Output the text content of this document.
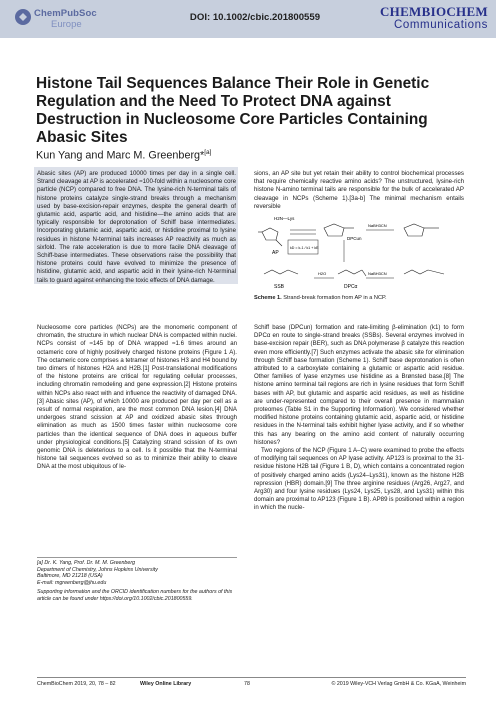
ChemPubSoc
Europe
DOI: 10.1002/cbic.201800559	CHEMBIOCHEM
Communications
Histone Tail Sequences Balance Their Role in Genetic Regulation and the Need To Protect DNA against Destruction in Nucleosome Core Particles Containing Abasic Sites
Kun Yang and Marc M. Greenberg*[a]
Abasic sites (AP) are produced 10000 times per day in a single cell. Strand cleavage at AP is accelerated ≈100-fold within a nucleosome core particle (NCP) compared to free DNA. The lysine-rich N-terminal tails of histone proteins catalyze single-strand breaks through a mechanism used by base-excision-repair enzymes, despite the general dearth of glutamic acid, aspartic acid, and histidine—the amino acids that are typically responsible for deprotonation of Schiff base intermediates. Incorporating glutamic acid, aspartic acid, or histidine proximal to lysine residues in histone N-terminal tails increases AP reactivity as much as sixfold. The rate acceleration is due to more facile DNA cleavage of Schiff-base intermediates. These observations raise the possibility that histone proteins could have evolved to minimize the presence of histidine, glutamic acid, and aspartic acid in their lysine-rich N-terminal tails to guard against enhancing the toxic effects of DNA damage.
sions, an AP site but yet retain their ability to control biochemical processes that require chemically reactive amino acids? The unstructured, lysine-rich histone N-amino terminal tails are responsible for the bulk of accelerated AP cleavage in NCPs (Scheme 1).[3a-b] The minimal mechanism entails reversible
AP
H2N—Lys
kD = k-1 / k1 + kE
DPCun
NaBH3CN
SSB
H2O
DPCα
NaBH3CN
Scheme 1. Strand-break formation from AP in a NCP.
Nucleosome core particles (NCPs) are the monomeric component of chromatin, the structure in which nuclear DNA is compacted within nuclei. NCPs consist of ≈145 bp of DNA wrapped ≈1.6 times around an octameric core of highly positively charged histone proteins (Figure 1 A). The octameric core comprises a tetramer of histones H3 and H4 bound by two dimers of histones H2A and H2B.[1] Post-translational modifications of the histone proteins are critical for regulating cellular processes, including chromatin remodeling and gene expression.[2] Histone proteins within NCPs also react with and influence the reactivity of damaged DNA.[3] Abasic sites (AP), of which 10000 are produced per day per cell as a result of normal respiration, are the most common DNA lesion.[4] DNA undergoes strand scission at AP and oxidized abasic sites through elimination as much as 1500 times faster within nucleosome core particles than the identical sequence of DNA does in aqueous buffer under physiological conditions.[5] Catalyzing strand scission of its own genomic DNA is deleterious to a cell. Is it possible that the N-terminal histone tail sequences evolved so as to minimize their ability to cleave DNA at the most ubiquitous of le-

Schiff base (DPCun) formation and rate-limiting β-elimination (k1) to form DPCα en route to single-strand breaks (SSBs). Several enzymes involved in base-excision repair (BER), such as DNA polymerase β catalyze this reaction even more efficiently.[7] Such enzymes activate the abasic site for elimination through Schiff base formation (Scheme 1). Schiff base deprotonation is often attributed to a carboxylate containing a glutamic or aspartic acid residue. Other families of lyase enzymes use histidine as a Brønsted base.[8] The histone amino terminal tail regions are rich in lysine residues that form Schiff bases with AP, but glutamic and aspartic acid residues, as well as histidine are under-represented compared to their overall presence in mammalian proteomes (Table S1 in the Supporting Information). We considered whether modified histone proteins containing glutamic acid, aspartic acid, or histidine residues in the N-terminal tails exhibit higher lyase activity, and if so whether this has any bearing on the amino acid content of naturally occurring histones?

Two regions of the NCP (Figure 1 A–C) were examined to probe the effects of modifying tail sequences on AP lyase activity. AP123 is proximal to the 31-residue histone H2B tail (Figure 1 B, D), which contains a concentrated region of positively charged amino acids (Lys24–Lys31), known as the histone H2B repression (HBR) domain.[9] The three arginine residues (Arg26, Arg27, and Arg30) and four lysine residues (Lys24, Lys25, Lys28, and Lys31) within this domain are proximal to AP123 (Figure 1 B). AP89 is positioned within a region in which the nucle-

[a] Dr. K. Yang, Prof. Dr. M. M. Greenberg
Department of Chemistry, Johns Hopkins University
Baltimore, MD 21218 (USA)
E-mail: mgreenberg@jhu.edu
Supporting information and the ORCID identification numbers for the authors of this article can be found under https://doi.org/10.1002/cbic.201800559.
ChemBioChem 2019, 20, 78 – 82	Wiley Online Library	78	© 2019 Wiley-VCH Verlag GmbH & Co. KGaA, Weinheim
